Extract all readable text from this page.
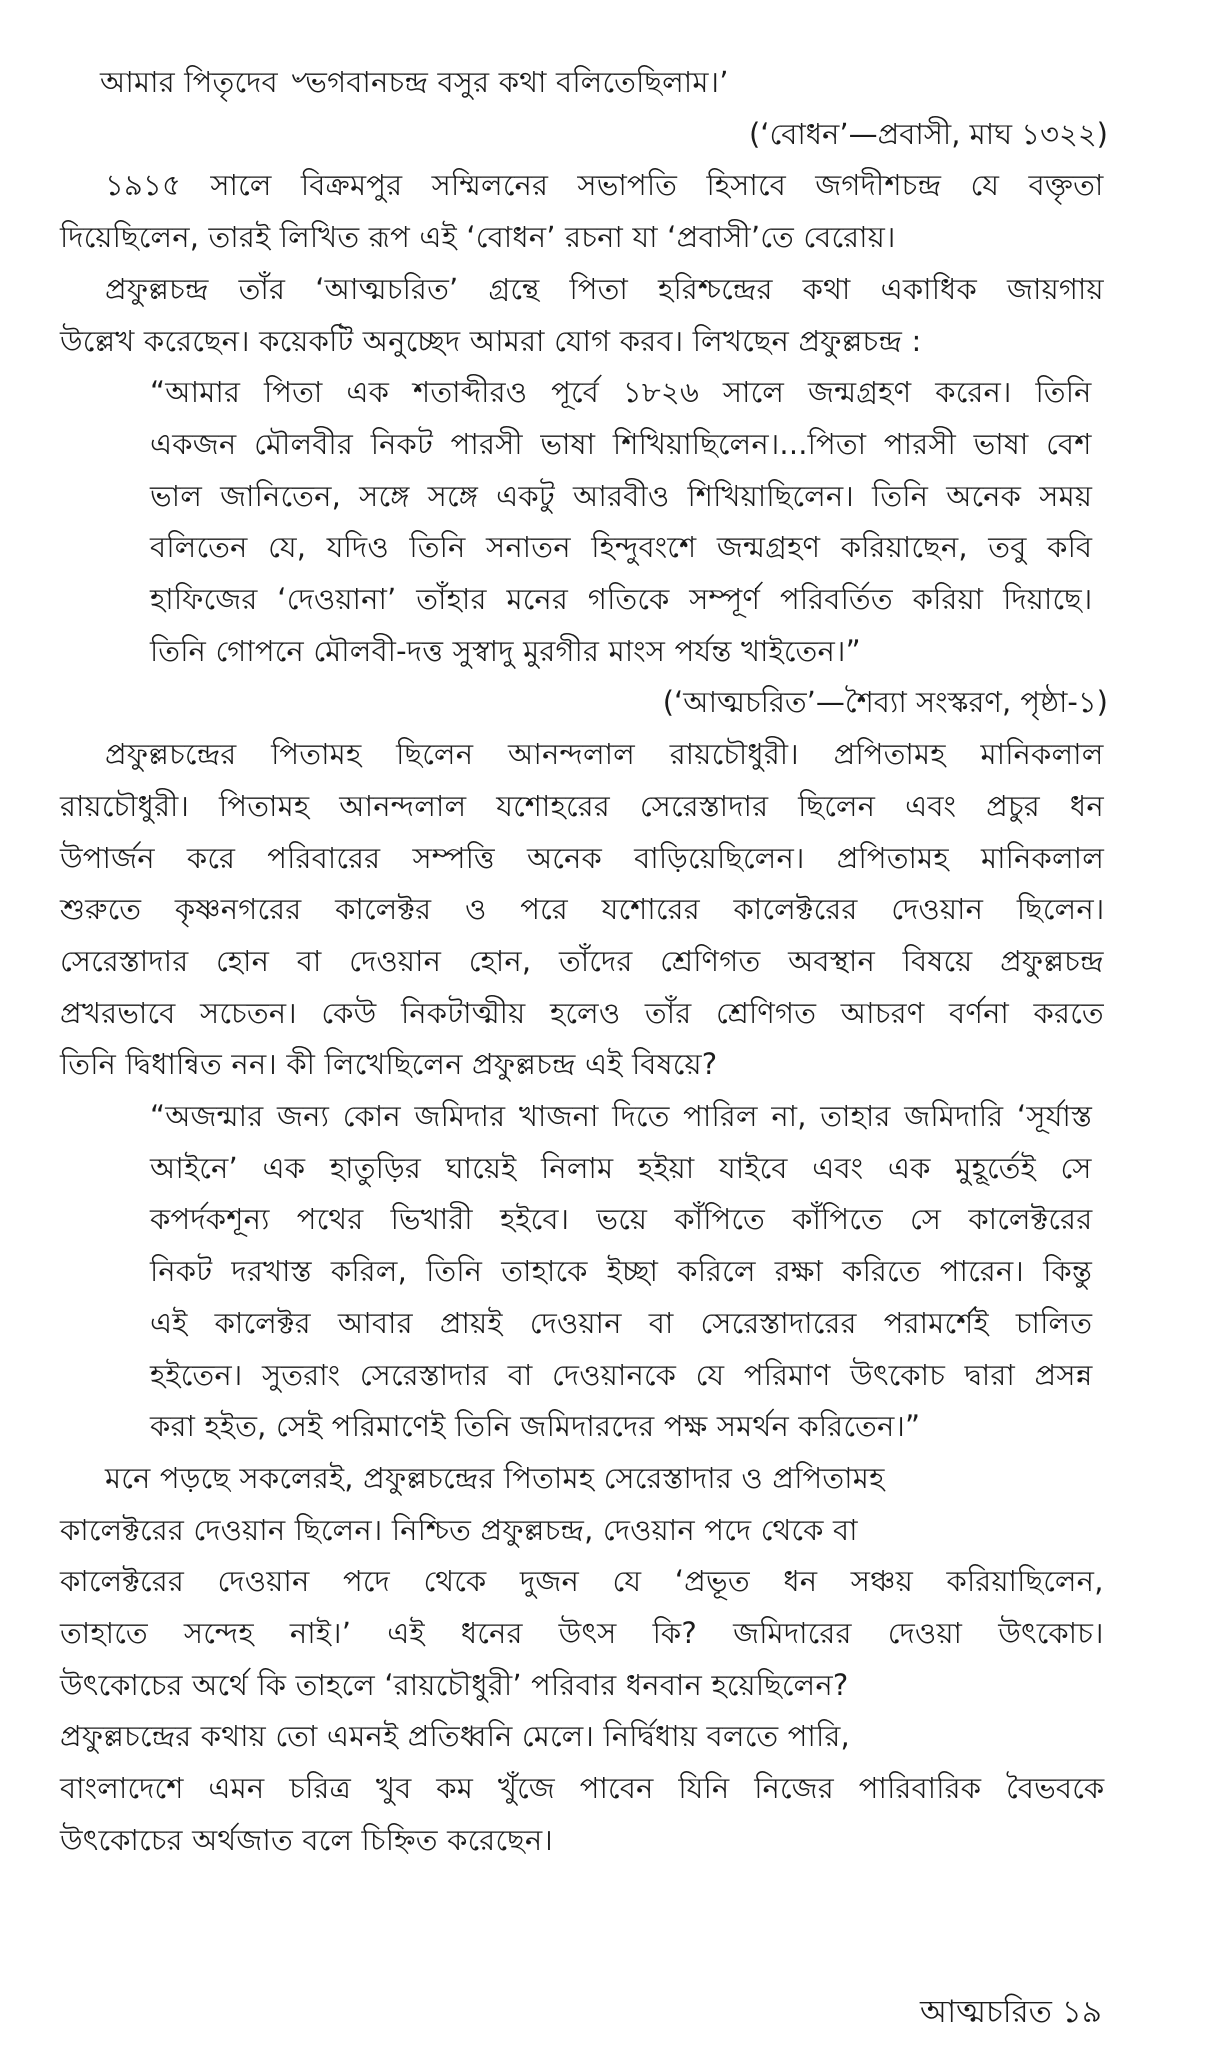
আমার পিতৃদেব ৺ভগবানচন্দ্র বসুর কথা বলিতেছিলাম।’
(‘বোধন’—প্রবাসী, মাঘ ১৩২২)
১৯১৫ সালে বিক্রমপুর সম্মিলনের সভাপতি হিসাবে জগদীশচন্দ্র যে বক্তৃতা
দিয়েছিলেন, তারই লিখিত রূপ এই ‘বোধন’ রচনা যা ‘প্রবাসী’তে বেরোয়।
প্রফুল্লচন্দ্র তাঁর ‘আত্মচরিত’ গ্রন্থে পিতা হরিশ্চন্দ্রের কথা একাধিক জায়গায়
উল্লেখ করেছেন। কয়েকটি অনুচ্ছেদ আমরা যোগ করব। লিখছেন প্রফুল্লচন্দ্র :
“আমার পিতা এক শতাব্দীরও পূর্বে ১৮২৬ সালে জন্মগ্রহণ করেন। তিনি
একজন মৌলবীর নিকট পারসী ভাষা শিখিয়াছিলেন।...পিতা পারসী ভাষা বেশ
ভাল জানিতেন, সঙ্গে সঙ্গে একটু আরবীও শিখিয়াছিলেন। তিনি অনেক সময়
বলিতেন যে, যদিও তিনি সনাতন হিন্দুবংশে জন্মগ্রহণ করিয়াছেন, তবু কবি
হাফিজের ‘দেওয়ানা’ তাঁহার মনের গতিকে সম্পূর্ণ পরিবর্তিত করিয়া দিয়াছে।
তিনি গোপনে মৌলবী-দত্ত সুস্বাদু মুরগীর মাংস পর্যন্ত খাইতেন।”
(‘আত্মচরিত’—শৈব্যা সংস্করণ, পৃষ্ঠা-১)
প্রফুল্লচন্দ্রের পিতামহ ছিলেন আনন্দলাল রায়চৌধুরী। প্রপিতামহ মানিকলাল
রায়চৌধুরী। পিতামহ আনন্দলাল যশোহরের সেরেস্তাদার ছিলেন এবং প্রচুর ধন
উপার্জন করে পরিবারের সম্পত্তি অনেক বাড়িয়েছিলেন। প্রপিতামহ মানিকলাল
শুরুতে কৃষ্ণনগরের কালেক্টর ও পরে যশোরের কালেক্টরের দেওয়ান ছিলেন।
সেরেস্তাদার হোন বা দেওয়ান হোন, তাঁদের শ্রেণিগত অবস্থান বিষয়ে প্রফুল্লচন্দ্র
প্রখরভাবে সচেতন। কেউ নিকটাত্মীয় হলেও তাঁর শ্রেণিগত আচরণ বর্ণনা করতে
তিনি দ্বিধান্বিত নন। কী লিখেছিলেন প্রফুল্লচন্দ্র এই বিষয়ে?
“অজন্মার জন্য কোন জমিদার খাজনা দিতে পারিল না, তাহার জমিদারি ‘সূর্যাস্ত
আইনে’ এক হাতুড়ির ঘায়েই নিলাম হইয়া যাইবে এবং এক মুহূর্তেই সে
কপর্দকশূন্য পথের ভিখারী হইবে। ভয়ে কাঁপিতে কাঁপিতে সে কালেক্টরের
নিকট দরখাস্ত করিল, তিনি তাহাকে ইচ্ছা করিলে রক্ষা করিতে পারেন। কিন্তু
এই কালেক্টর আবার প্রায়ই দেওয়ান বা সেরেস্তাদারের পরামর্শেই চালিত
হইতেন। সুতরাং সেরেস্তাদার বা দেওয়ানকে যে পরিমাণ উৎকোচ দ্বারা প্রসন্ন
করা হইত, সেই পরিমাণেই তিনি জমিদারদের পক্ষ সমর্থন করিতেন।”
মনে পড়ছে সকলেরই, প্রফুল্লচন্দ্রের পিতামহ সেরেস্তাদার ও প্রপিতামহ
কালেক্টরের দেওয়ান ছিলেন। নিশ্চিত প্রফুল্লচন্দ্র, দেওয়ান পদে থেকে বা
কালেক্টরের দেওয়ান পদে থেকে দুজন যে ‘প্রভূত ধন সঞ্চয় করিয়াছিলেন,
তাহাতে সন্দেহ নাই।’ এই ধনের উৎস কি? জমিদারের দেওয়া উৎকোচ।
উৎকোচের অর্থে কি তাহলে ‘রায়চৌধুরী’ পরিবার ধনবান হয়েছিলেন?
প্রফুল্লচন্দ্রের কথায় তো এমনই প্রতিধ্বনি মেলে। নির্দ্বিধায় বলতে পারি,
বাংলাদেশে এমন চরিত্র খুব কম খুঁজে পাবেন যিনি নিজের পারিবারিক বৈভবকে
উৎকোচের অর্থজাত বলে চিহ্নিত করেছেন।
আত্মচরিত ১৯
